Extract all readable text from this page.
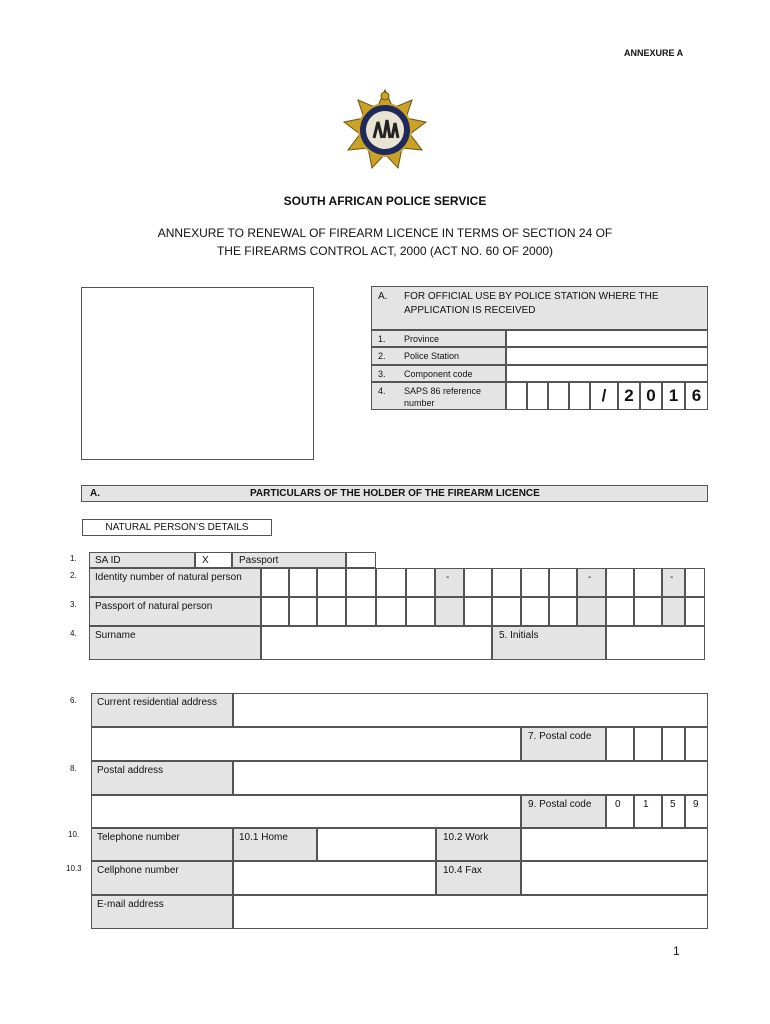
ANNEXURE A
SOUTH AFRICAN POLICE SERVICE
ANNEXURE TO RENEWAL OF FIREARM LICENCE IN TERMS OF SECTION 24 OF
THE FIREARMS CONTROL ACT, 2000 (ACT NO. 60 OF 2000)
A. FOR OFFICIAL USE BY POLICE STATION WHERE THE
APPLICATION IS RECEIVED
1. Province
2. Police Station
3. Component code
4. SAPS 86 reference
number	/	2 0 1 6
A.	PARTICULARS OF THE HOLDER OF THE FIREARM LICENCE
NATURAL PERSON’S DETAILS
1. SA ID	X	Passport
2. Identity number of natural person	-	-	-
3. Passport of natural person
4. Surname	5. Initials
6. Current residential address
7. Postal code
8. Postal address
9. Postal code 0 1 5 9
10. Telephone number	10.1 Home	10.2 Work
10.3 Cellphone number	10.4 Fax
E-mail address
1
